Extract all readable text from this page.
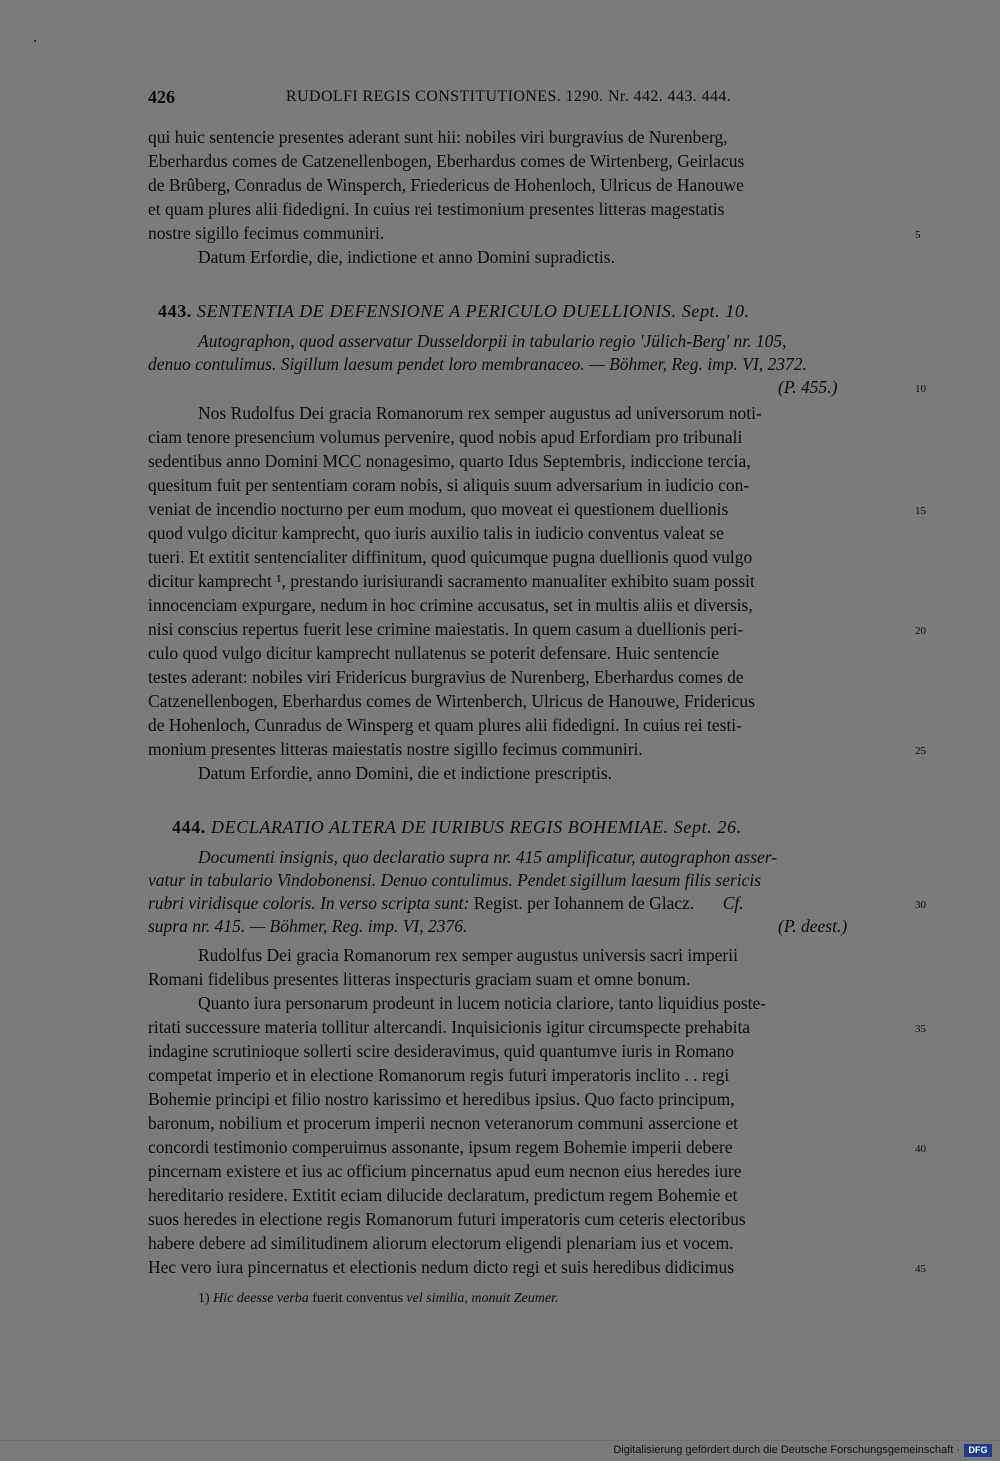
426	RUDOLFI REGIS CONSTITUTIONES. 1290. Nr. 442. 443. 444.
qui huic sentencie presentes aderant sunt hii: nobiles viri burgravius de Nurenberg,
Eberhardus comes de Catzenellenbogen, Eberhardus comes de Wirtenberg, Geirlacus
de Brûberg, Conradus de Winsperch, Friedericus de Hohenloch, Ulricus de Hanouwe
et quam plures alii fidedigni. In cuius rei testimonium presentes litteras magestatis
nostre sigillo fecimus communiri.	5
Datum Erfordie, die, indictione et anno Domini supradictis.
443. SENTENTIA DE DEFENSIONE A PERICULO DUELLIONIS. Sept. 10.
Autographon, quod asservatur Dusseldorpii in tabulario regio 'Jülich-Berg' nr. 105,
denuo contulimus. Sigillum laesum pendet loro membranaceo. — Böhmer, Reg. imp. VI, 2372.
(P. 455.)	10
Nos Rudolfus Dei gracia Romanorum rex semper augustus ad universorum noti-
ciam tenore presencium volumus pervenire, quod nobis apud Erfordiam pro tribunali
sedentibus anno Domini MCC nonagesimo, quarto Idus Septembris, indiccione tercia,
quesitum fuit per sententiam coram nobis, si aliquis suum adversarium in iudicio con-
veniat de incendio nocturno per eum modum, quo moveat ei questionem duellionis	15
quod vulgo dicitur kamprecht, quo iuris auxilio talis in iudicio conventus valeat se
tueri. Et extitit sentencialiter diffinitum, quod quicumque pugna duellionis quod vulgo
dicitur kamprecht ¹, prestando iurisiurandi sacramento manualiter exhibito suam possit
innocenciam expurgare, nedum in hoc crimine accusatus, set in multis aliis et diversis,
nisi conscius repertus fuerit lese crimine maiestatis. In quem casum a duellionis peri-	20
culo quod vulgo dicitur kamprecht nullatenus se poterit defensare. Huic sentencie
testes aderant: nobiles viri Fridericus burgravius de Nurenberg, Eberhardus comes de
Catzenellenbogen, Eberhardus comes de Wirtenberch, Ulricus de Hanouwe, Fridericus
de Hohenloch, Cunradus de Winsperg et quam plures alii fidedigni. In cuius rei testi-
monium presentes litteras maiestatis nostre sigillo fecimus communiri.	25
Datum Erfordie, anno Domini, die et indictione prescriptis.
444. DECLARATIO ALTERA DE IURIBUS REGIS BOHEMIAE. Sept. 26.
Documenti insignis, quo declaratio supra nr. 415 amplificatur, autographon asser-
vatur in tabulario Vindobonensi. Denuo contulimus. Pendet sigillum laesum filis sericis
rubri viridisque coloris. In verso scripta sunt: Regist. per Iohannem de Glacz. Cf.	30
supra nr. 415. — Böhmer, Reg. imp. VI, 2376.	(P. deest.)
Rudolfus Dei gracia Romanorum rex semper augustus universis sacri imperii
Romani fidelibus presentes litteras inspecturis graciam suam et omne bonum.
Quanto iura personarum prodeunt in lucem noticia clariore, tanto liquidius poste-
ritati successure materia tollitur altercandi. Inquisicionis igitur circumspecte prehabita	35
indagine scrutinioque sollerti scire desideravimus, quid quantumve iuris in Romano
competat imperio et in electione Romanorum regis futuri imperatoris inclito . . regi
Bohemie principi et filio nostro karissimo et heredibus ipsius. Quo facto principum,
baronum, nobilium et procerum imperii necnon veteranorum communi assercione et
concordi testimonio comperuimus assonante, ipsum regem Bohemie imperii debere	40
pincernam existere et ius ac officium pincernatus apud eum necnon eius heredes iure
hereditario residere. Extitit eciam dilucide declaratum, predictum regem Bohemie et
suos heredes in electione regis Romanorum futuri imperatoris cum ceteris electoribus
habere debere ad similitudinem aliorum electorum eligendi plenariam ius et vocem.
Hec vero iura pincernatus et electionis nedum dicto regi et suis heredibus didicimus	45
1) Hic deesse verba fuerit conventus vel similia, monuit Zeumer.
Digitalisierung gefördert durch die Deutsche Forschungsgemeinschaft · DFG
